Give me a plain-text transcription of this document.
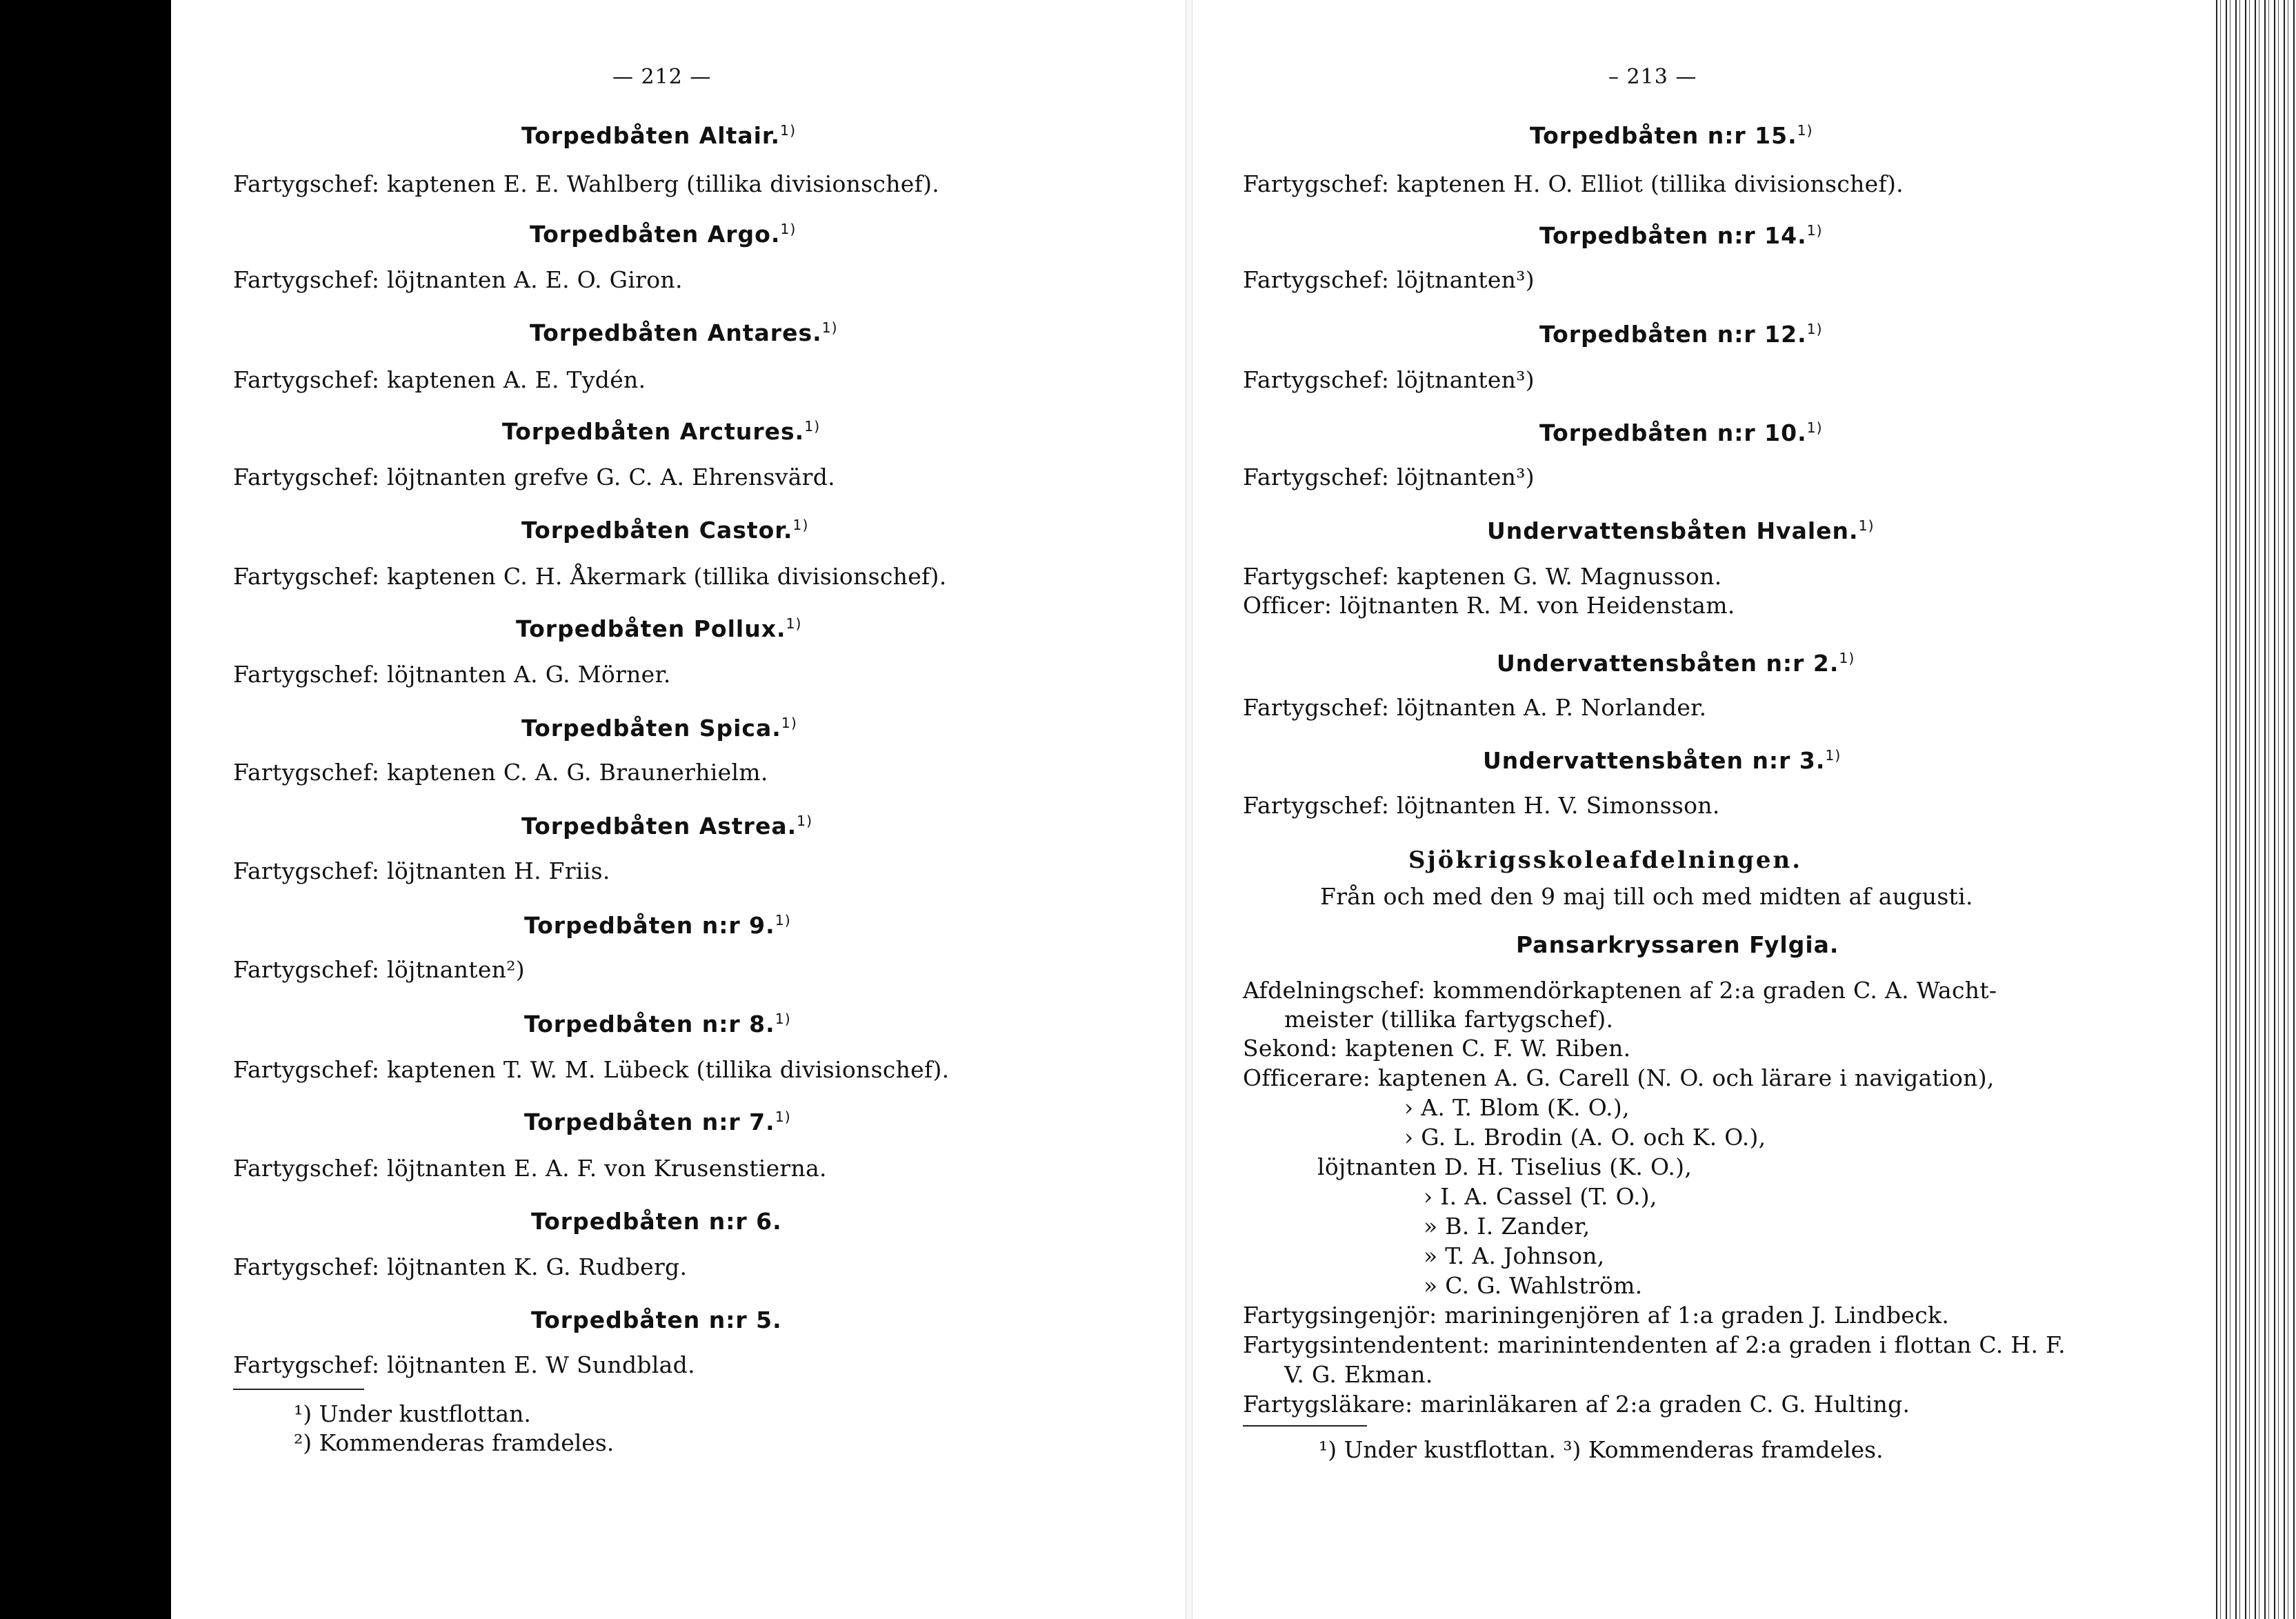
— 212 —
Torpedbåten Altair.$^{1)}$
Fartygschef: kaptenen E. E. Wahlberg (tillika divisionschef).
Torpedbåten Argo.$^{1)}$
Fartygschef: löjtnanten A. E. O. Giron.
Torpedbåten Antares.$^{1)}$
Fartygschef: kaptenen A. E. Tydén.
Torpedbåten Arctures.$^{1)}$
Fartygschef: löjtnanten grefve G. C. A. Ehrensvärd.
Torpedbåten Castor.$^{1)}$
Fartygschef: kaptenen C. H. Åkermark (tillika divisionschef).
Torpedbåten Pollux.$^{1)}$
Fartygschef: löjtnanten A. G. Mörner.
Torpedbåten Spica.$^{1)}$
Fartygschef: kaptenen C. A. G. Braunerhielm.
Torpedbåten Astrea.$^{1)}$
Fartygschef: löjtnanten H. Friis.
Torpedbåten n:r 9.$^{1)}$
Fartygschef: löjtnanten²)
Torpedbåten n:r 8.$^{1)}$
Fartygschef: kaptenen T. W. M. Lübeck (tillika divisionschef).
Torpedbåten n:r 7.$^{1)}$
Fartygschef: löjtnanten E. A. F. von Krusenstierna.
Torpedbåten n:r 6.
Fartygschef: löjtnanten K. G. Rudberg.
Torpedbåten n:r 5.
Fartygschef: löjtnanten E. W Sundblad.
¹) Under kustflottan.
²) Kommenderas framdeles.
– 213 —
Torpedbåten n:r 15.$^{1)}$
Fartygschef: kaptenen H. O. Elliot (tillika divisionschef).
Torpedbåten n:r 14.$^{1)}$
Fartygschef: löjtnanten³)
Torpedbåten n:r 12.$^{1)}$
Fartygschef: löjtnanten³)
Torpedbåten n:r 10.$^{1)}$
Fartygschef: löjtnanten³)
Undervattensbåten Hvalen.$^{1)}$
Fartygschef: kaptenen G. W. Magnusson.
Officer: löjtnanten R. M. von Heidenstam.
Undervattensbåten n:r 2.$^{1)}$
Fartygschef: löjtnanten A. P. Norlander.
Undervattensbåten n:r 3.$^{1)}$
Fartygschef: löjtnanten H. V. Simonsson.
Sjökrigsskoleafdelningen.
Från och med den 9 maj till och med midten af augusti.
Pansarkryssaren Fylgia.
Afdelningschef: kommendörkaptenen af 2:a graden C. A. Wacht-
meister (tillika fartygschef).
Sekond: kaptenen C. F. W. Riben.
Officerare: kaptenen A. G. Carell (N. O. och lärare i navigation),
› A. T. Blom (K. O.),
› G. L. Brodin (A. O. och K. O.),
löjtnanten D. H. Tiselius (K. O.),
› I. A. Cassel (T. O.),
» B. I. Zander,
» T. A. Johnson,
» C. G. Wahlström.
Fartygsingenjör: mariningenjören af 1:a graden J. Lindbeck.
Fartygsintendentent: marinintendenten af 2:a graden i flottan C. H. F.
V. G. Ekman.
Fartygsläkare: marinläkaren af 2:a graden C. G. Hulting.
¹) Under kustflottan. ³) Kommenderas framdeles.
